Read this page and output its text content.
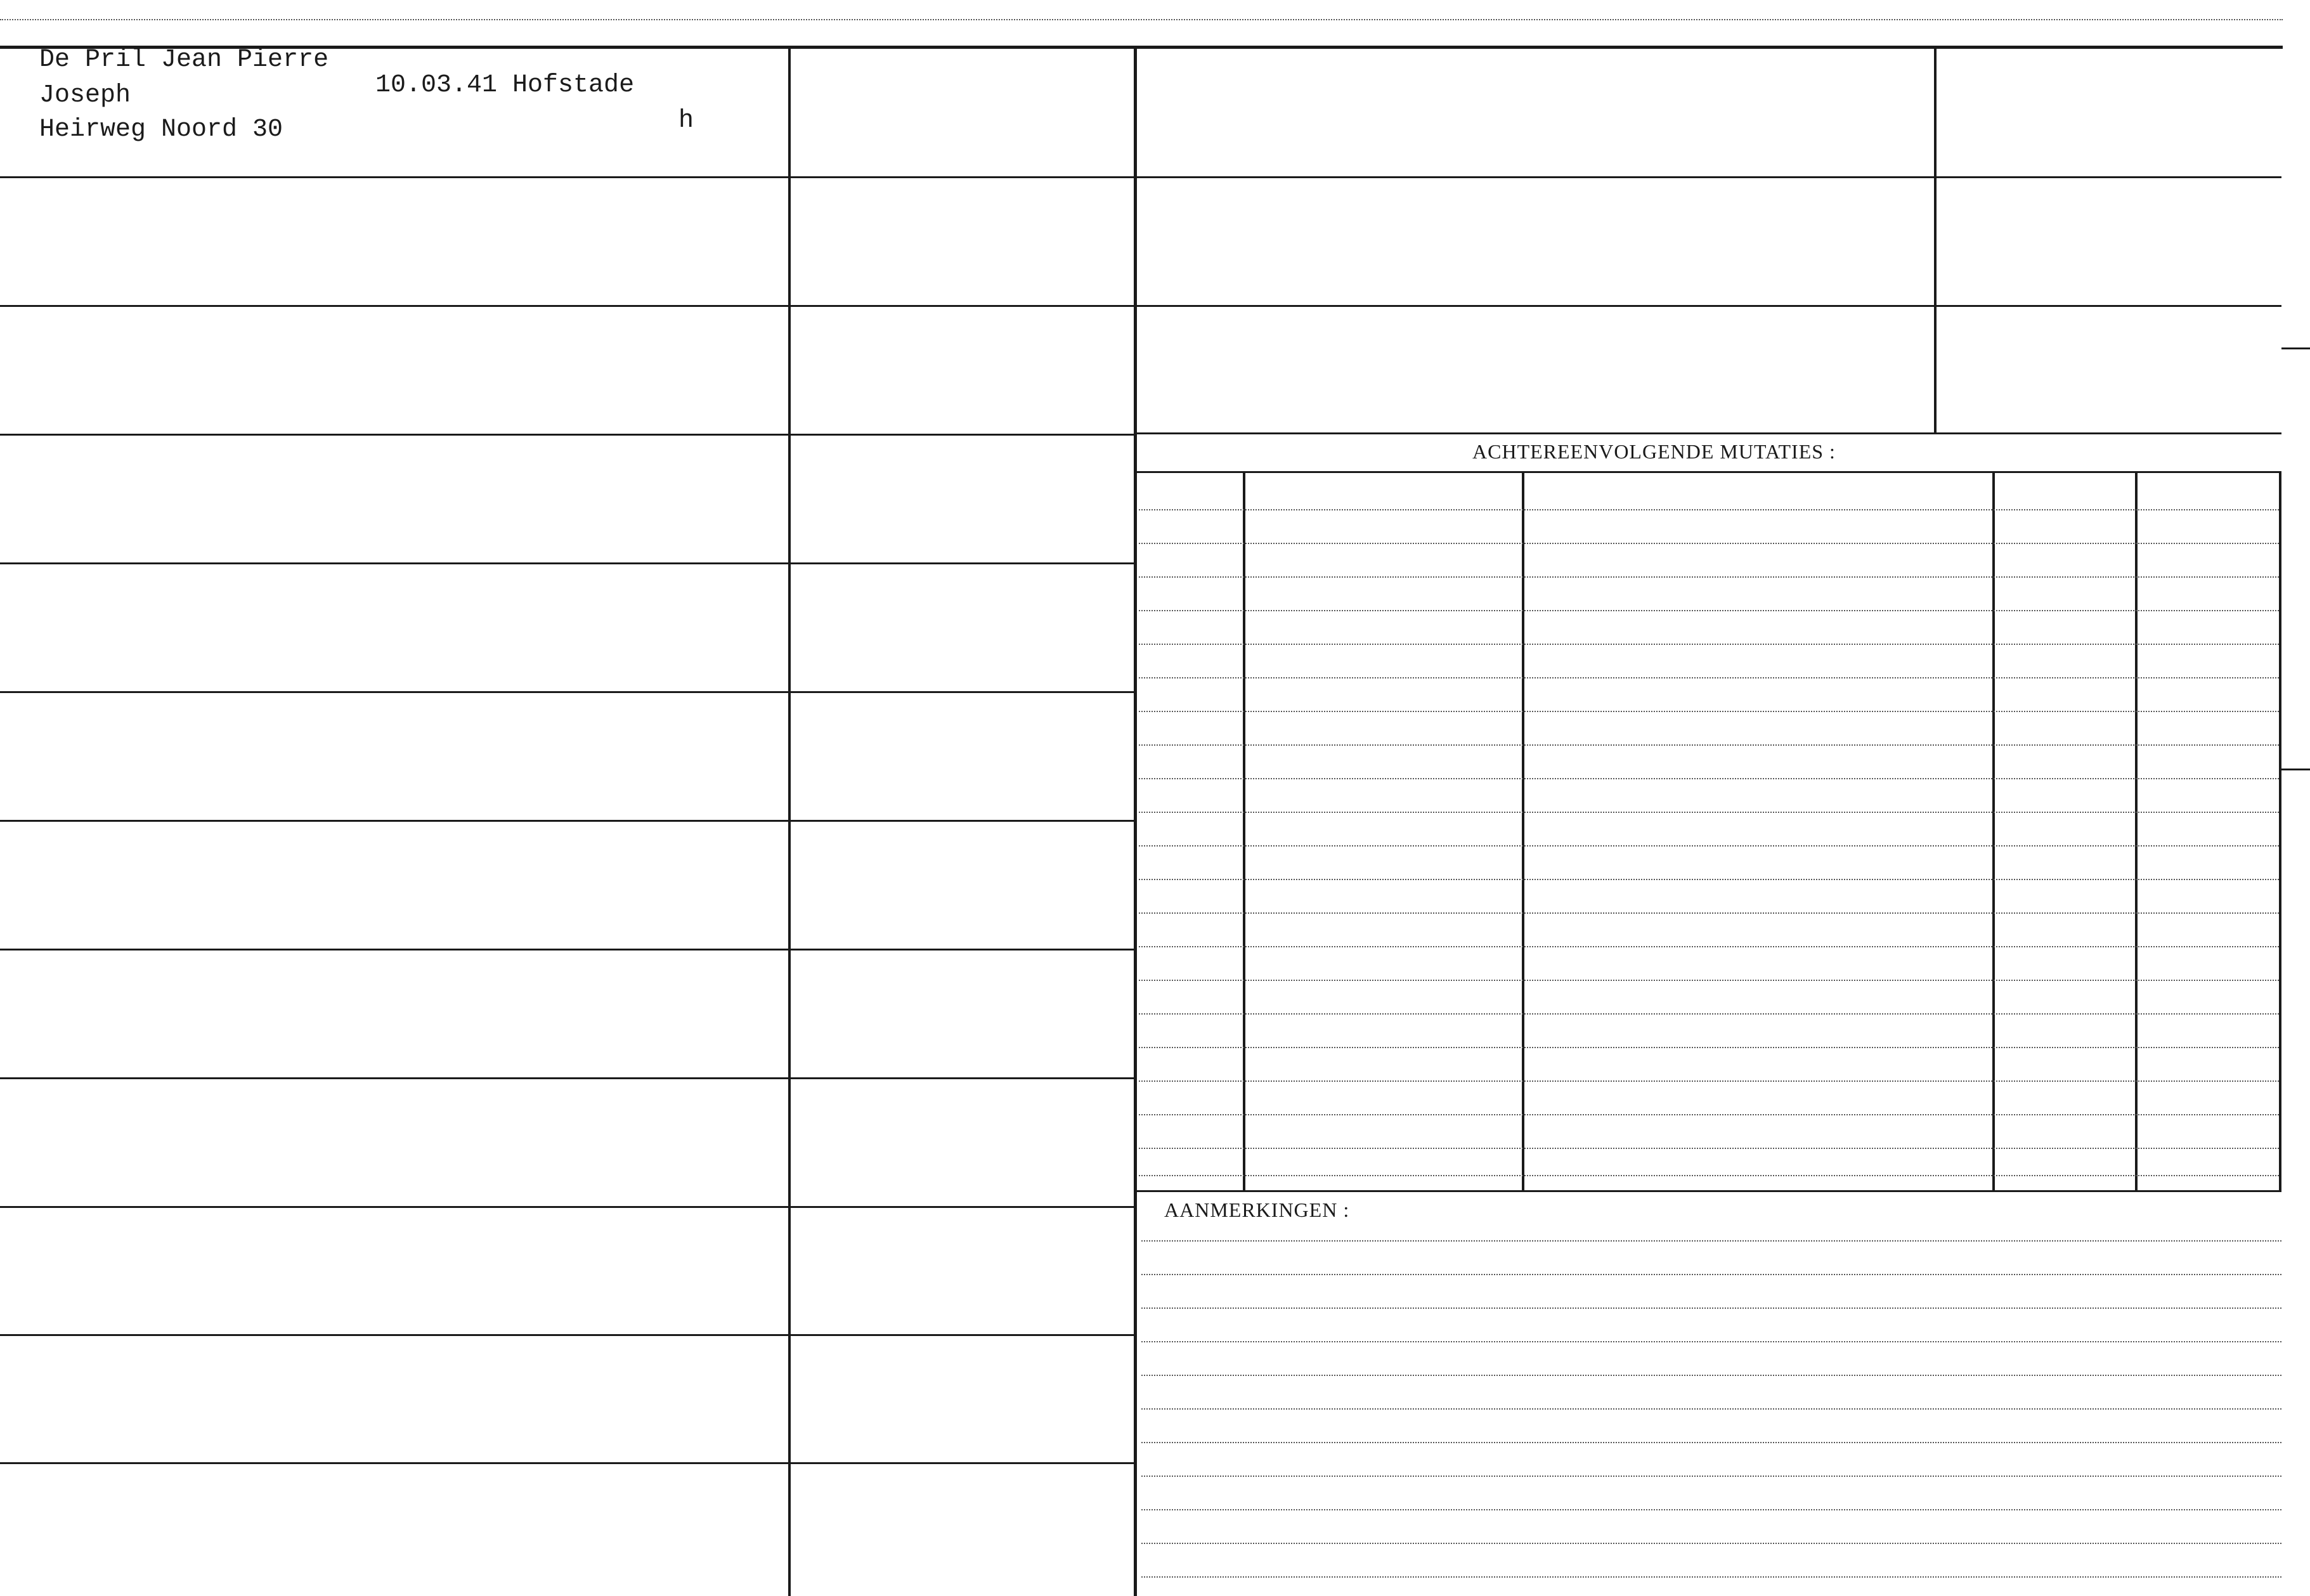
De Pril Jean Pierre
Joseph
Heirweg Noord 30
10.03.41 Hofstade
h
ACHTEREENVOLGENDE MUTATIES :
AANMERKINGEN :
